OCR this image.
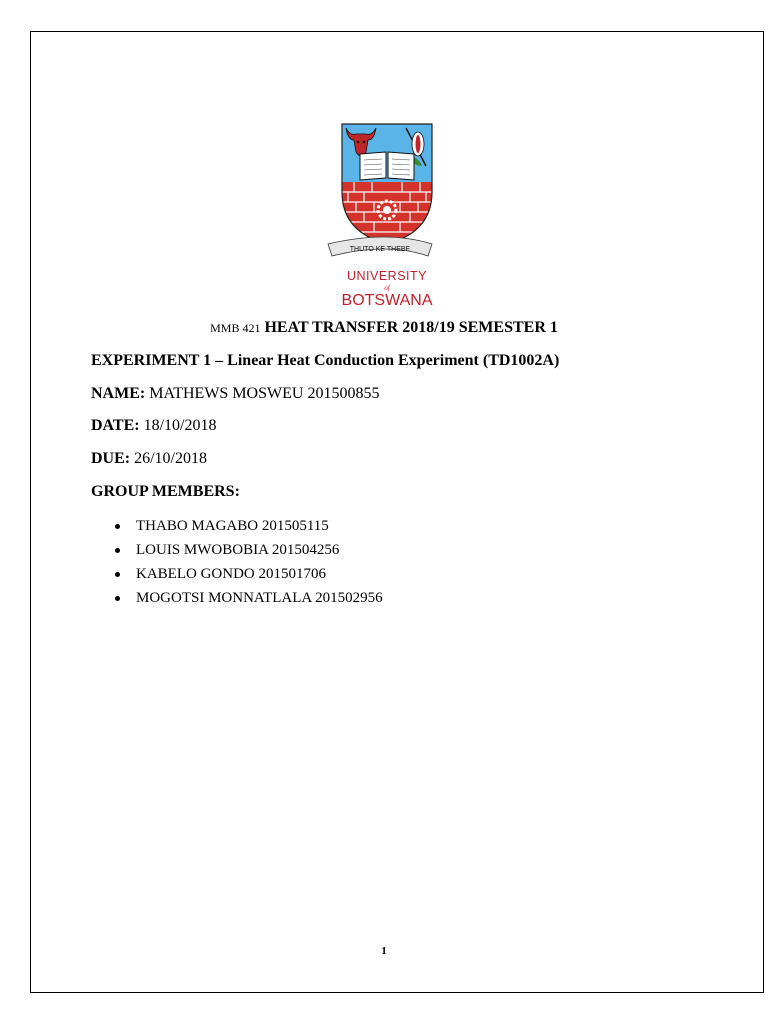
THUTO KE THEBE
UNIVERSITY
of
BOTSWANA
MMB 421 HEAT TRANSFER 2018/19 SEMESTER 1
EXPERIMENT 1 – Linear Heat Conduction Experiment (TD1002A)
NAME: MATHEWS MOSWEU 201500855
DATE: 18/10/2018
DUE: 26/10/2018
GROUP MEMBERS:
THABO MAGABO 201505115
LOUIS MWOBOBIA 201504256
KABELO GONDO 201501706
MOGOTSI MONNATLALA 201502956
1
